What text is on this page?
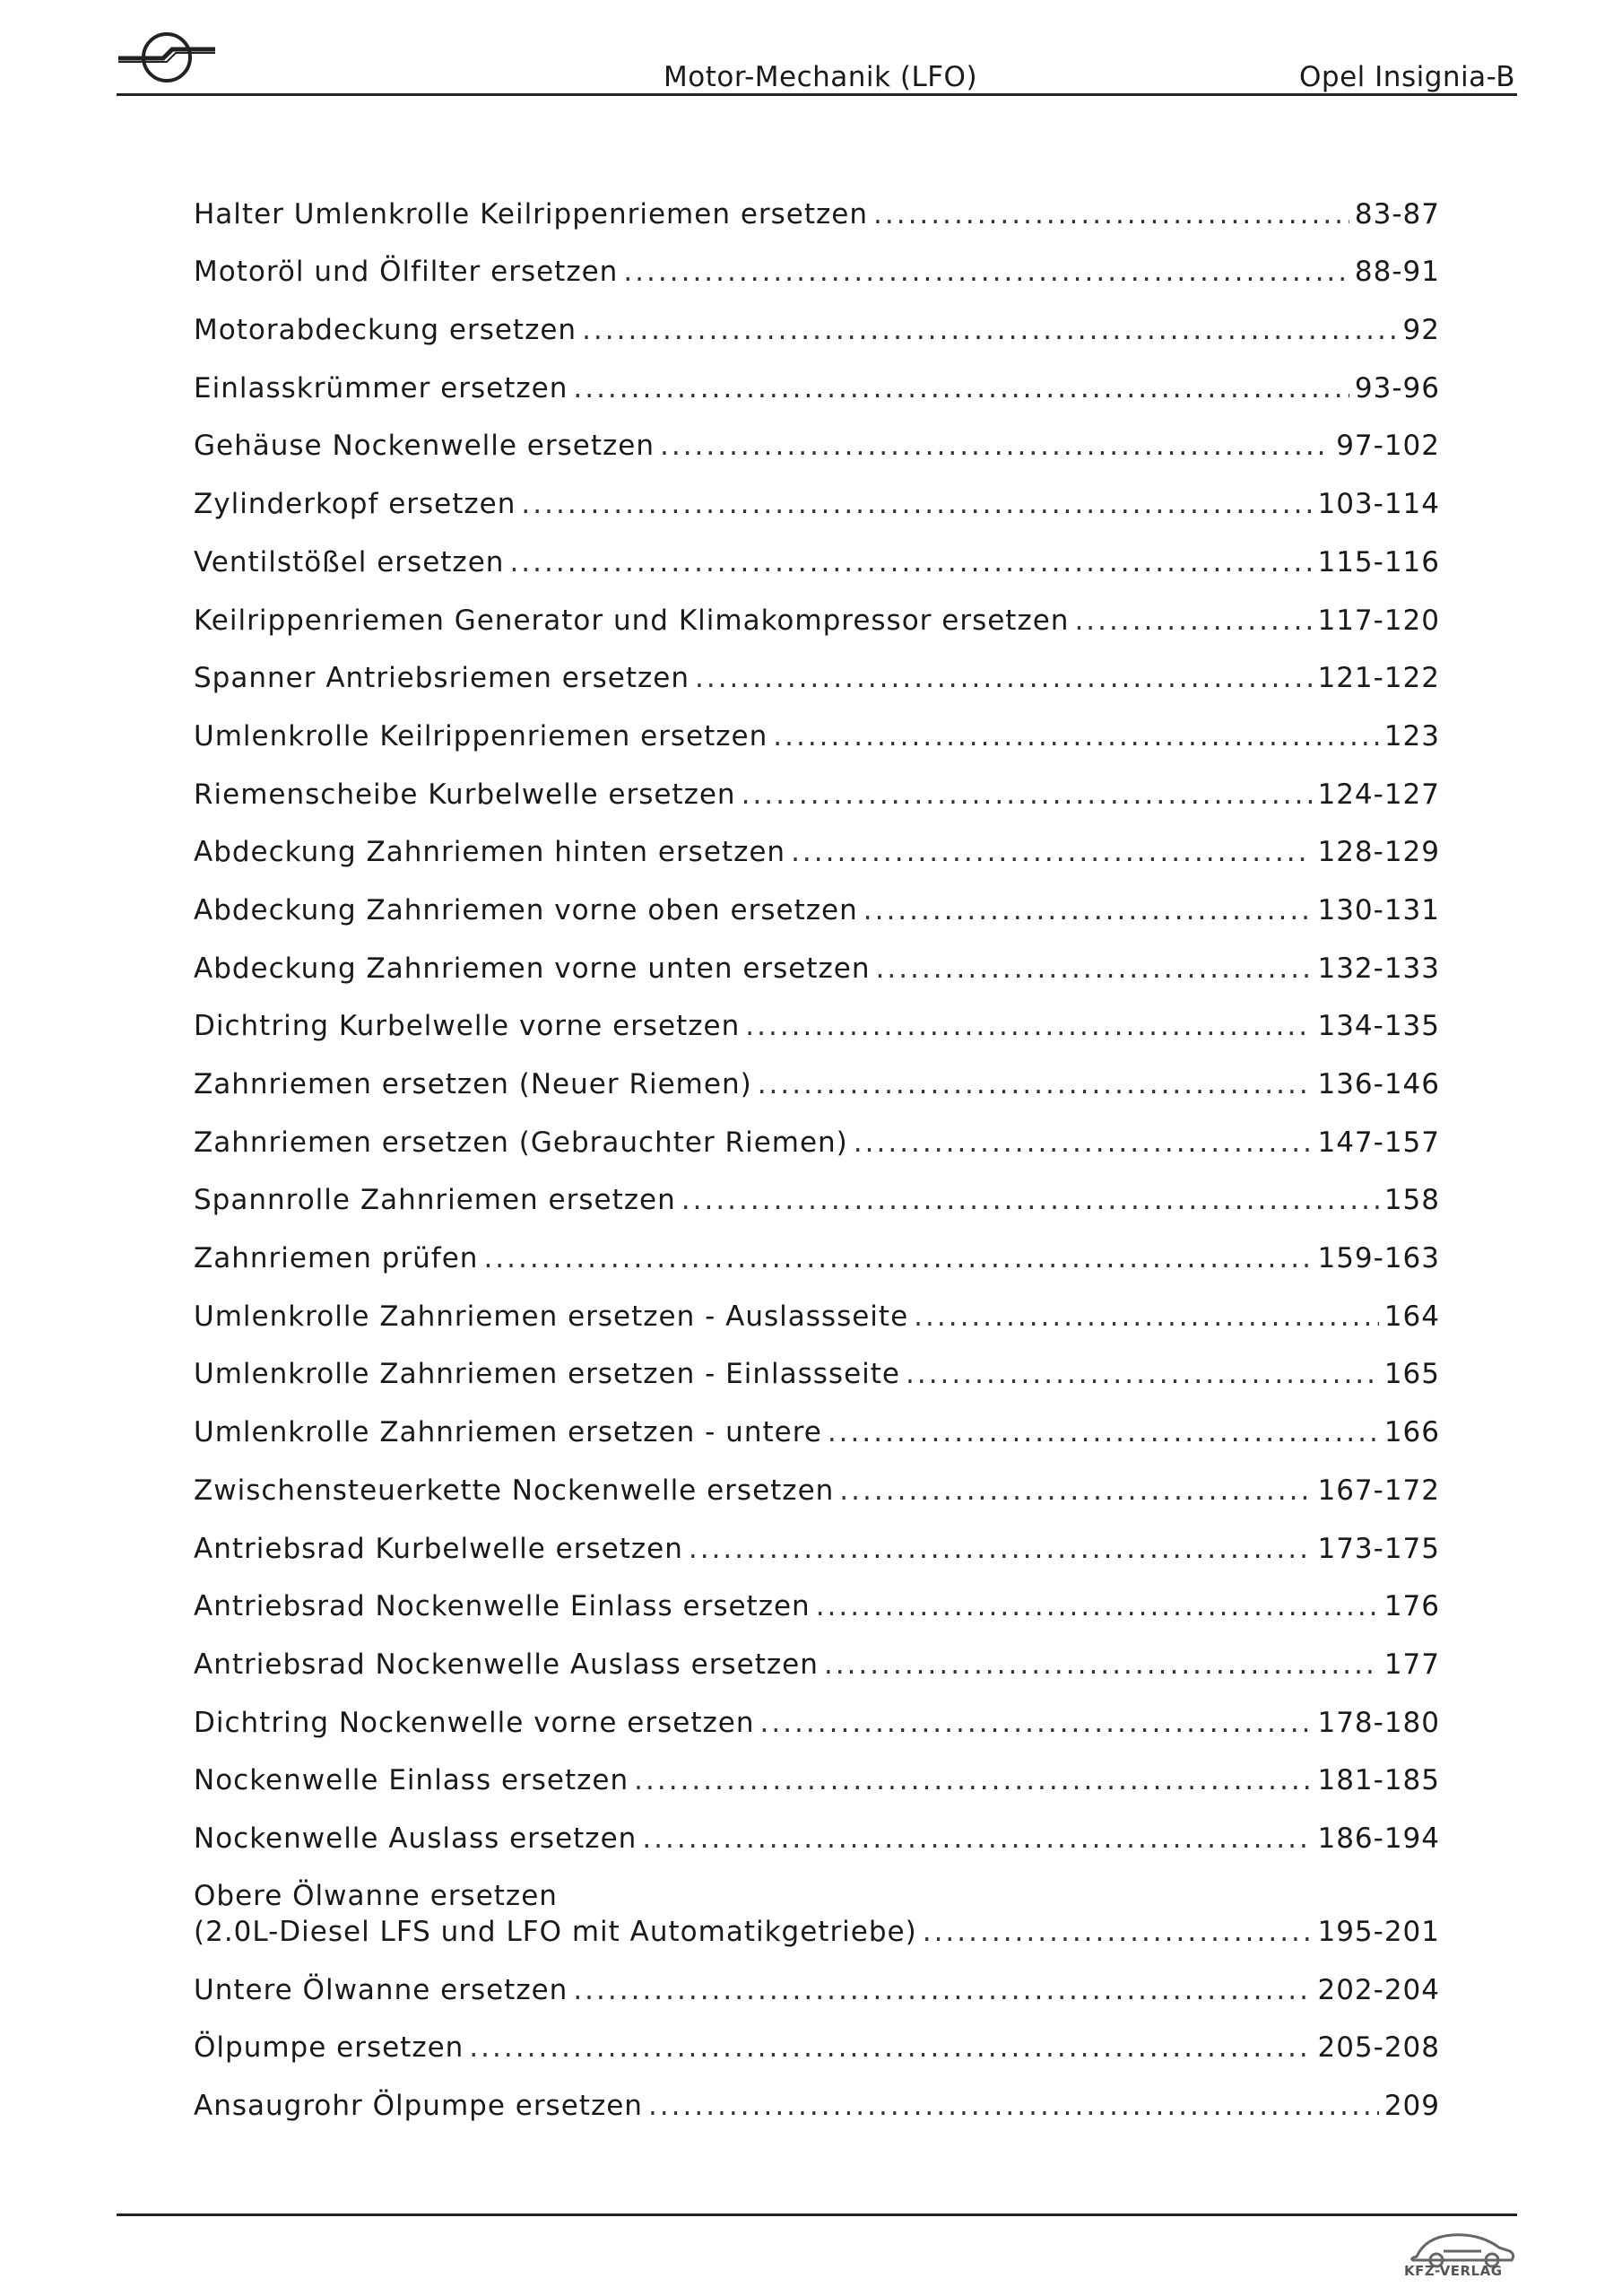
Motor-Mechanik (LFO)	Opel Insignia-B
Halter Umlenkrolle Keilrippenriemen ersetzen .....	83-87
Motoröl und Ölfilter ersetzen .....	88-91
Motorabdeckung ersetzen .....	92
Einlasskrümmer ersetzen .....	93-96
Gehäuse Nockenwelle ersetzen .....	97-102
Zylinderkopf ersetzen .....	103-114
Ventilstößel ersetzen .....	115-116
Keilrippenriemen Generator und Klimakompressor ersetzen .....	117-120
Spanner Antriebsriemen ersetzen .....	121-122
Umlenkrolle Keilrippenriemen ersetzen .....	123
Riemenscheibe Kurbelwelle ersetzen .....	124-127
Abdeckung Zahnriemen hinten ersetzen .....	128-129
Abdeckung Zahnriemen vorne oben ersetzen .....	130-131
Abdeckung Zahnriemen vorne unten ersetzen .....	132-133
Dichtring Kurbelwelle vorne ersetzen .....	134-135
Zahnriemen ersetzen (Neuer Riemen) .....	136-146
Zahnriemen ersetzen (Gebrauchter Riemen) .....	147-157
Spannrolle Zahnriemen ersetzen .....	158
Zahnriemen prüfen .....	159-163
Umlenkrolle Zahnriemen ersetzen - Auslassseite .....	164
Umlenkrolle Zahnriemen ersetzen - Einlassseite .....	165
Umlenkrolle Zahnriemen ersetzen - untere .....	166
Zwischensteuerkette Nockenwelle ersetzen .....	167-172
Antriebsrad Kurbelwelle ersetzen .....	173-175
Antriebsrad Nockenwelle Einlass ersetzen .....	176
Antriebsrad Nockenwelle Auslass ersetzen .....	177
Dichtring Nockenwelle vorne ersetzen .....	178-180
Nockenwelle Einlass ersetzen .....	181-185
Nockenwelle Auslass ersetzen .....	186-194
Obere Ölwanne ersetzen
(2.0L-Diesel LFS und LFO mit Automatikgetriebe) .....	195-201
Untere Ölwanne ersetzen .....	202-204
Ölpumpe ersetzen .....	205-208
Ansaugrohr Ölpumpe ersetzen .....	209
KFZ-VERLAG
